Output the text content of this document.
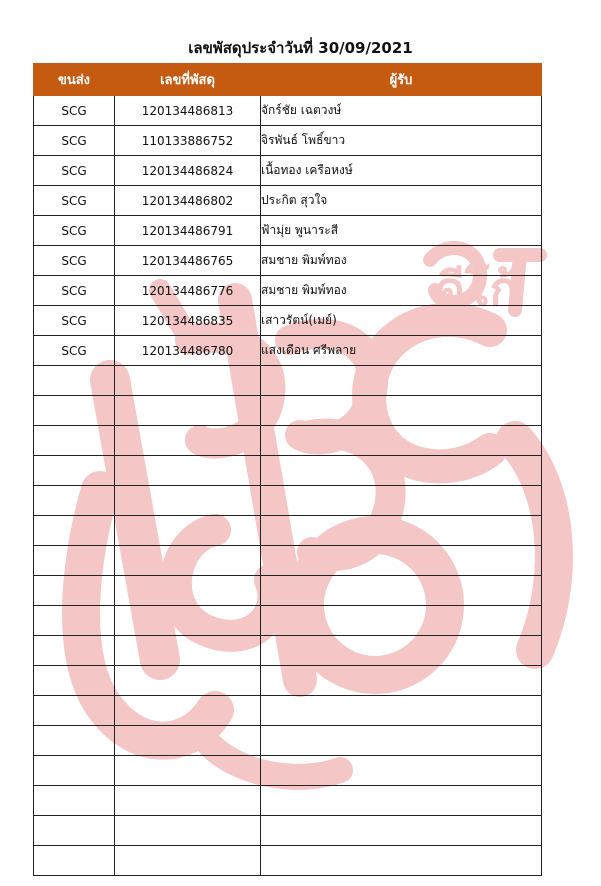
ดีโก้
เลขพัสดุประจำวันที่ 30/09/2021
ขนส่ง	เลขที่พัสดุ	ผู้รับ
SCG	120134486813	จักร์ชัย เฉตวงษ์
SCG	110133886752	จิรพันธ์ โพธิ์ขาว
SCG	120134486824	เนื้อทอง เครือหงษ์
SCG	120134486802	ประกิต สุวใจ
SCG	120134486791	ฟ้ามุ่ย พูนาระสี
SCG	120134486765	สมชาย พิมพ์ทอง
SCG	120134486776	สมชาย พิมพ์ทอง
SCG	120134486835	เสาวรัตน์(เมย์)
SCG	120134486780	แสงเดือน ศรีพลาย
